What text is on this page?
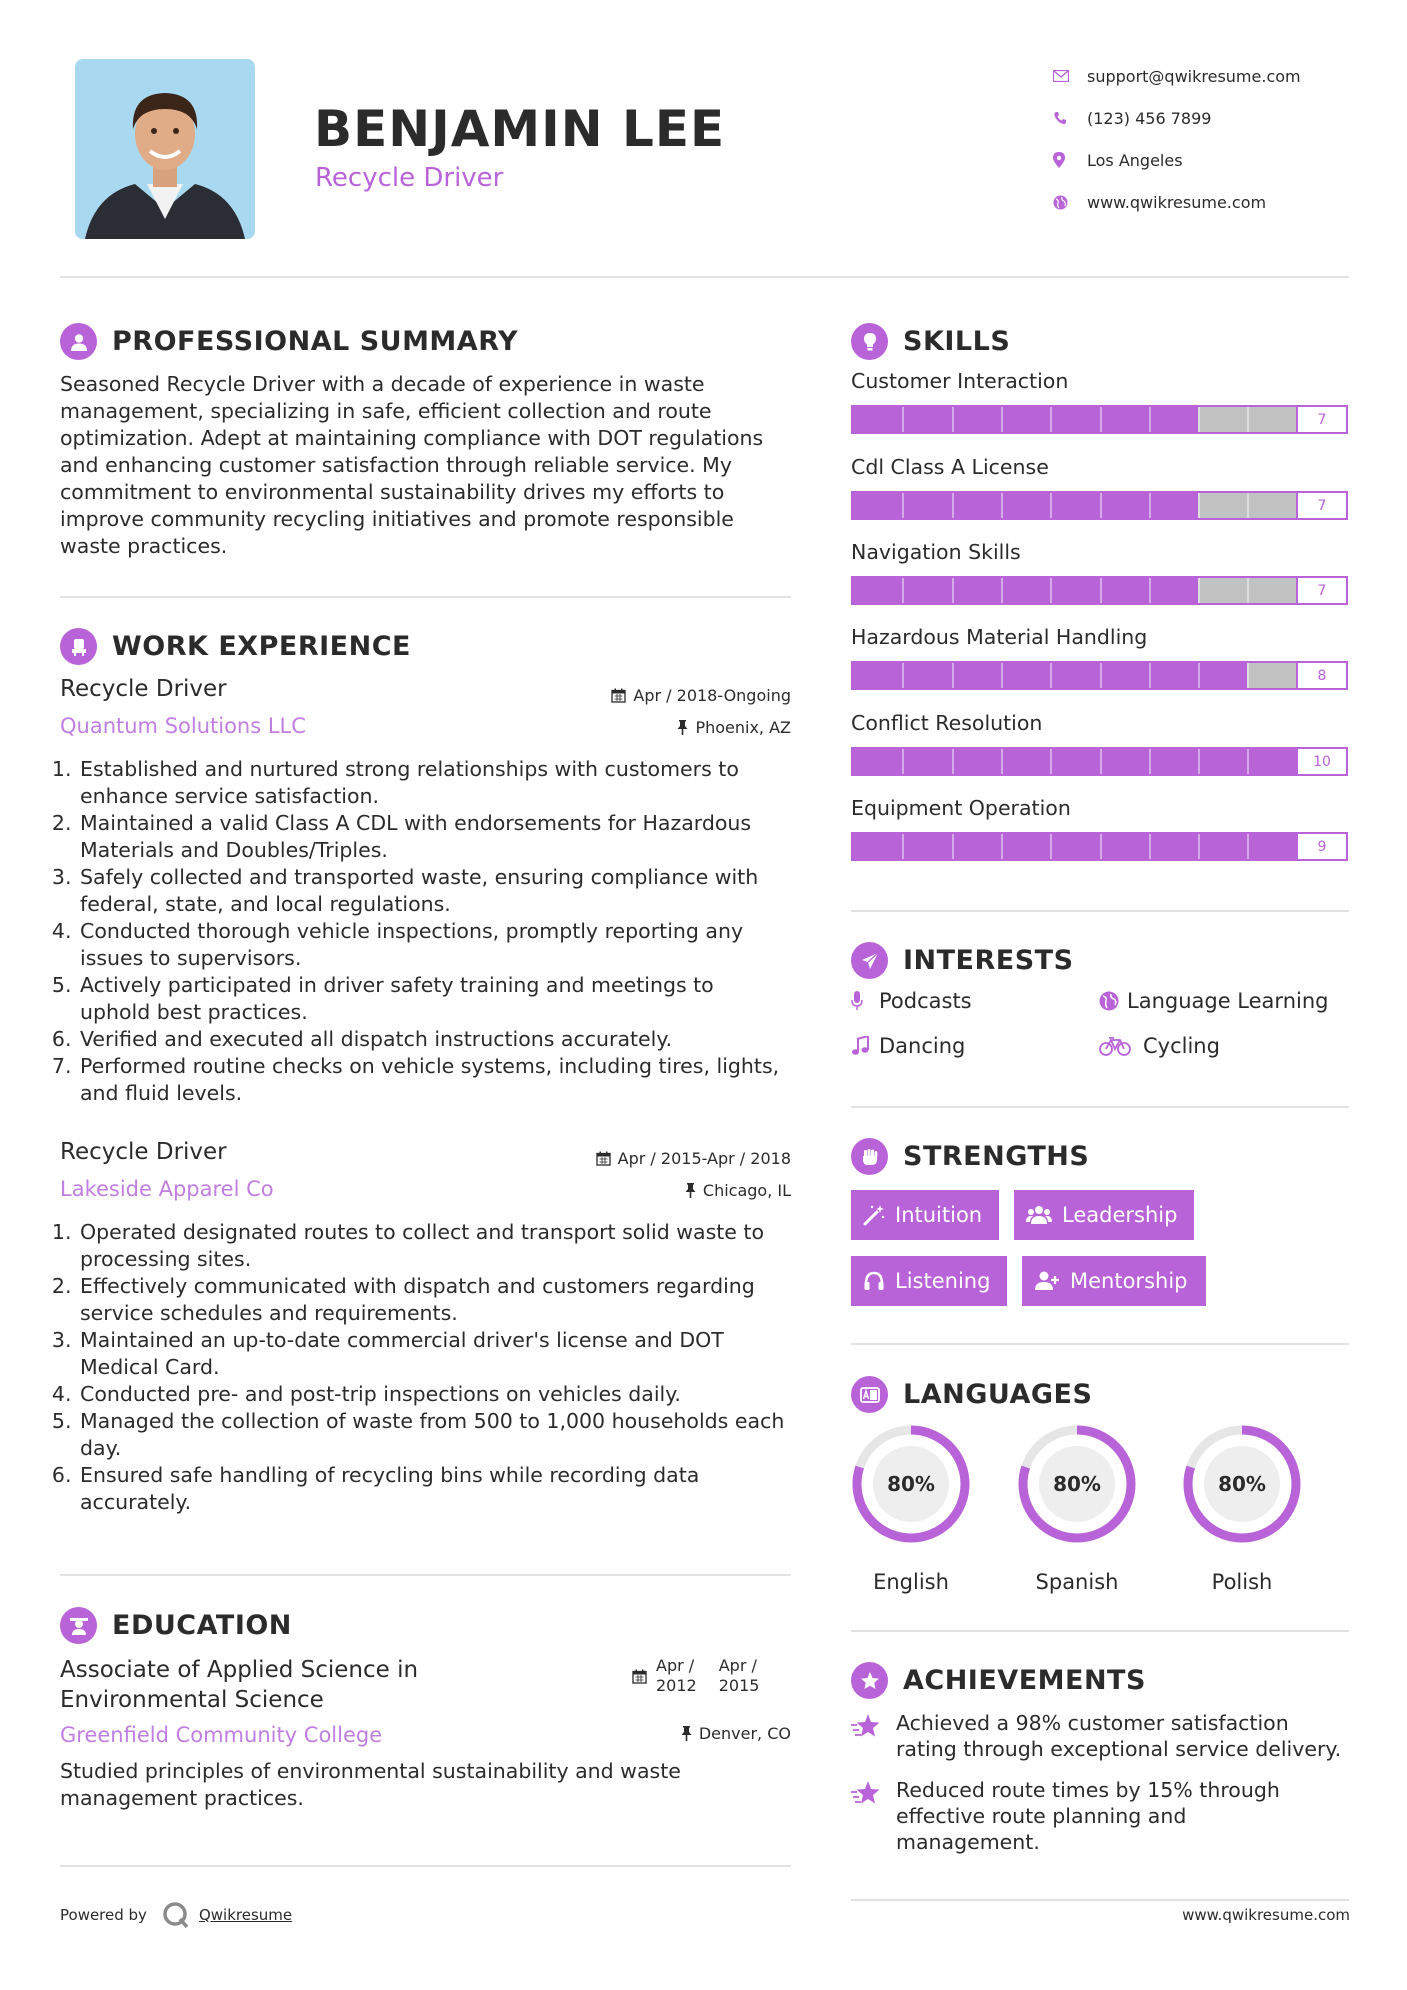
BENJAMIN LEE
Recycle Driver
support@qwikresume.com
(123) 456 7899
Los Angeles
www.qwikresume.com
PROFESSIONAL SUMMARY
Seasoned Recycle Driver with a decade of experience in waste
management, specializing in safe, efficient collection and route
optimization. Adept at maintaining compliance with DOT regulations
and enhancing customer satisfaction through reliable service. My
commitment to environmental sustainability drives my efforts to
improve community recycling initiatives and promote responsible
waste practices.
WORK EXPERIENCE
Recycle Driver	Apr / 2018-Ongoing
Quantum Solutions LLC	Phoenix, AZ
1. Established and nurtured strong relationships with customers to
enhance service satisfaction.
2. Maintained a valid Class A CDL with endorsements for Hazardous
Materials and Doubles/Triples.
3. Safely collected and transported waste, ensuring compliance with
federal, state, and local regulations.
4. Conducted thorough vehicle inspections, promptly reporting any
issues to supervisors.
5. Actively participated in driver safety training and meetings to
uphold best practices.
6. Verified and executed all dispatch instructions accurately.
7. Performed routine checks on vehicle systems, including tires, lights,
and fluid levels.
Recycle Driver	Apr / 2015-Apr / 2018
Lakeside Apparel Co	Chicago, IL
1. Operated designated routes to collect and transport solid waste to
processing sites.
2. Effectively communicated with dispatch and customers regarding
service schedules and requirements.
3. Maintained an up-to-date commercial driver's license and DOT
Medical Card.
4. Conducted pre- and post-trip inspections on vehicles daily.
5. Managed the collection of waste from 500 to 1,000 households each
day.
6. Ensured safe handling of recycling bins while recording data
accurately.
EDUCATION
Associate of Applied Science in
Environmental Science
Apr /
2012
Apr /
2015
Greenfield Community College	Denver, CO
Studied principles of environmental sustainability and waste
management practices.
SKILLS
Customer Interaction
7
Cdl Class A License
7
Navigation Skills
7
Hazardous Material Handling
8
Conflict Resolution
10
Equipment Operation
9
INTERESTS
Podcasts	Language Learning
Dancing	Cycling
STRENGTHS
Intuition	Leadership
Listening	Mentorship
LANGUAGES
80%
English
80%
Spanish
80%
Polish
ACHIEVEMENTS
Achieved a 98% customer satisfaction
rating through exceptional service delivery.
Reduced route times by 15% through
effective route planning and
management.
Powered by	Qwikresume	www.qwikresume.com
